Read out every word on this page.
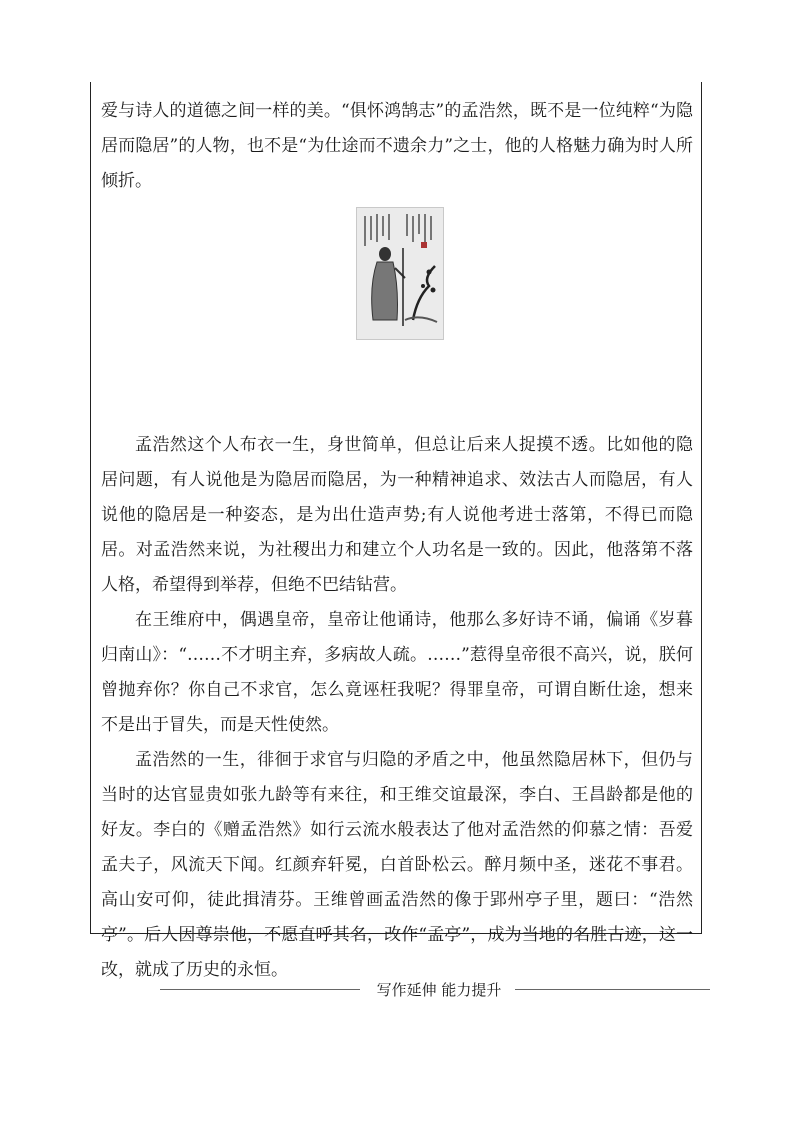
爱与诗人的道德之间一样的美。“俱怀鸿鹄志”的孟浩然，既不是一位纯粹“为隐居而隐居”的人物，也不是“为仕途而不遗余力”之士，他的人格魅力确为时人所倾折。

孟浩然这个人布衣一生，身世简单，但总让后来人捉摸不透。比如他的隐居问题，有人说他是为隐居而隐居，为一种精神追求、效法古人而隐居，有人说他的隐居是一种姿态，是为出仕造声势;有人说他考进士落第，不得已而隐居。对孟浩然来说，为社稷出力和建立个人功名是一致的。因此，他落第不落人格，希望得到举荐，但绝不巴结钻营。

在王维府中，偶遇皇帝，皇帝让他诵诗，他那么多好诗不诵，偏诵《岁暮归南山》：“……不才明主弃，多病故人疏。……”惹得皇帝很不高兴，说，朕何曾抛弃你？你自己不求官，怎么竟诬枉我呢？得罪皇帝，可谓自断仕途，想来不是出于冒失，而是天性使然。

孟浩然的一生，徘徊于求官与归隐的矛盾之中，他虽然隐居林下，但仍与当时的达官显贵如张九龄等有来往，和王维交谊最深，李白、王昌龄都是他的好友。李白的《赠孟浩然》如行云流水般表达了他对孟浩然的仰慕之情：吾爱孟夫子，风流天下闻。红颜弃轩冕，白首卧松云。醉月频中圣，迷花不事君。高山安可仰，徒此揖清芬。王维曾画孟浩然的像于郢州亭子里，题曰：“浩然亭”。后人因尊崇他，不愿直呼其名，改作“孟亭”，成为当地的名胜古迹，这一改，就成了历史的永恒。

写作延伸 能力提升
